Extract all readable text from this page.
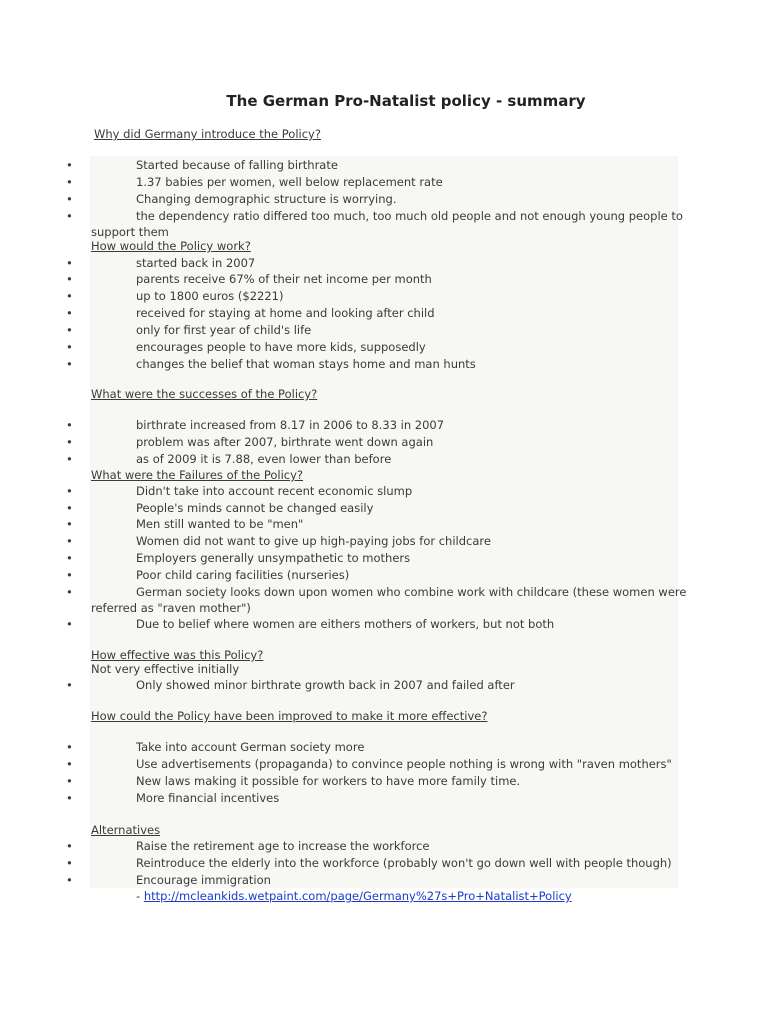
The German Pro-Natalist policy - summary
Why did Germany introduce the Policy?
•	Started because of falling birthrate
•	1.37 babies per women, well below replacement rate
•	Changing demographic structure is worrying.
•	the dependency ratio differed too much, too much old people and not enough young people to
support them
How would the Policy work?
•	started back in 2007
•	parents receive 67% of their net income per month
•	up to 1800 euros ($2221)
•	received for staying at home and looking after child
•	only for first year of child's life
•	encourages people to have more kids, supposedly
•	changes the belief that woman stays home and man hunts
What were the successes of the Policy?
•	birthrate increased from 8.17 in 2006 to 8.33 in 2007
•	problem was after 2007, birthrate went down again
•	as of 2009 it is 7.88, even lower than before
What were the Failures of the Policy?
•	Didn't take into account recent economic slump
•	People's minds cannot be changed easily
•	Men still wanted to be "men"
•	Women did not want to give up high-paying jobs for childcare
•	Employers generally unsympathetic to mothers
•	Poor child caring facilities (nurseries)
•	German society looks down upon women who combine work with childcare (these women were
referred as "raven mother")
•	Due to belief where women are eithers mothers of workers, but not both
How effective was this Policy?
Not very effective initially
•	Only showed minor birthrate growth back in 2007 and failed after
How could the Policy have been improved to make it more effective?
•	Take into account German society more
•	Use advertisements (propaganda) to convince people nothing is wrong with "raven mothers"
•	New laws making it possible for workers to have more family time.
•	More financial incentives
Alternatives
•	Raise the retirement age to increase the workforce
•	Reintroduce the elderly into the workforce (probably won't go down well with people though)
•	Encourage immigration
- http://mcleankids.wetpaint.com/page/Germany%27s+Pro+Natalist+Policy
